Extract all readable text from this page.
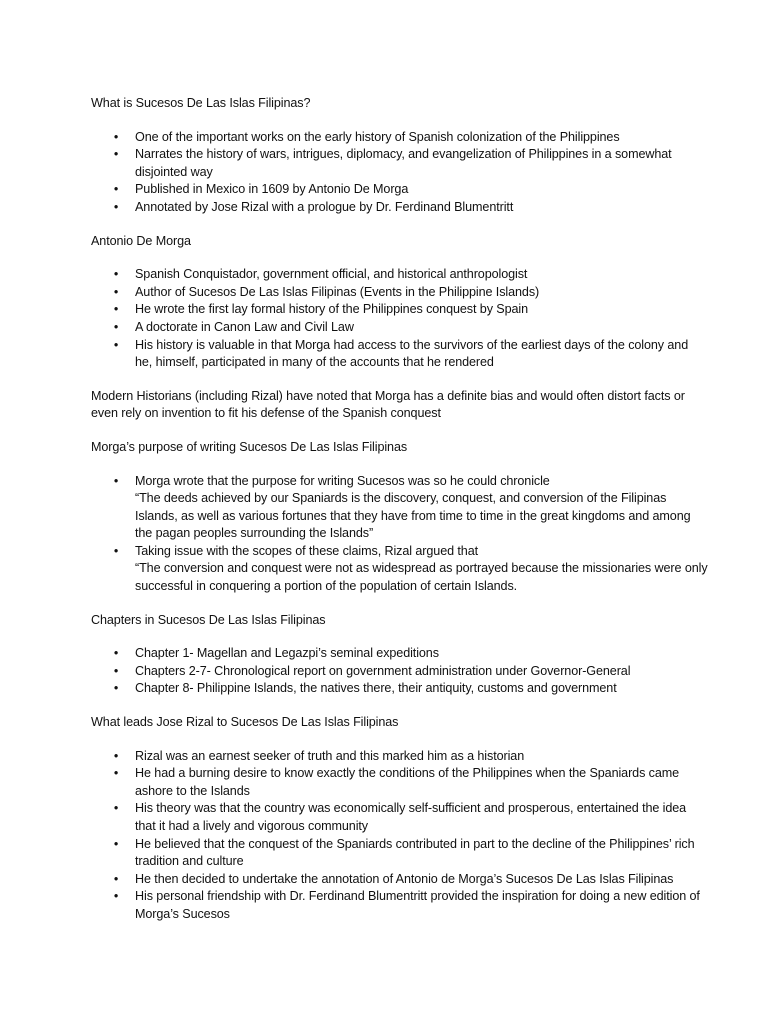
What is Sucesos De Las Islas Filipinas?

• One of the important works on the early history of Spanish colonization of the Philippines
• Narrates the history of wars, intrigues, diplomacy, and evangelization of Philippines in a somewhat disjointed way
• Published in Mexico in 1609 by Antonio De Morga
• Annotated by Jose Rizal with a prologue by Dr. Ferdinand Blumentritt

Antonio De Morga

• Spanish Conquistador, government official, and historical anthropologist
• Author of Sucesos De Las Islas Filipinas (Events in the Philippine Islands)
• He wrote the first lay formal history of the Philippines conquest by Spain
• A doctorate in Canon Law and Civil Law
• His history is valuable in that Morga had access to the survivors of the earliest days of the colony and he, himself, participated in many of the accounts that he rendered

Modern Historians (including Rizal) have noted that Morga has a definite bias and would often distort facts or even rely on invention to fit his defense of the Spanish conquest

Morga’s purpose of writing Sucesos De Las Islas Filipinas

• Morga wrote that the purpose for writing Sucesos was so he could chronicle
“The deeds achieved by our Spaniards is the discovery, conquest, and conversion of the Filipinas Islands, as well as various fortunes that they have from time to time in the great kingdoms and among the pagan peoples surrounding the Islands”
• Taking issue with the scopes of these claims, Rizal argued that
“The conversion and conquest were not as widespread as portrayed because the missionaries were only successful in conquering a portion of the population of certain Islands.

Chapters in Sucesos De Las Islas Filipinas

• Chapter 1- Magellan and Legazpi’s seminal expeditions
• Chapters 2-7- Chronological report on government administration under Governor-General
• Chapter 8- Philippine Islands, the natives there, their antiquity, customs and government

What leads Jose Rizal to Sucesos De Las Islas Filipinas

• Rizal was an earnest seeker of truth and this marked him as a historian
• He had a burning desire to know exactly the conditions of the Philippines when the Spaniards came ashore to the Islands
• His theory was that the country was economically self-sufficient and prosperous, entertained the idea that it had a lively and vigorous community
• He believed that the conquest of the Spaniards contributed in part to the decline of the Philippines’ rich tradition and culture
• He then decided to undertake the annotation of Antonio de Morga’s Sucesos De Las Islas Filipinas
• His personal friendship with Dr. Ferdinand Blumentritt provided the inspiration for doing a new edition of Morga’s Sucesos
